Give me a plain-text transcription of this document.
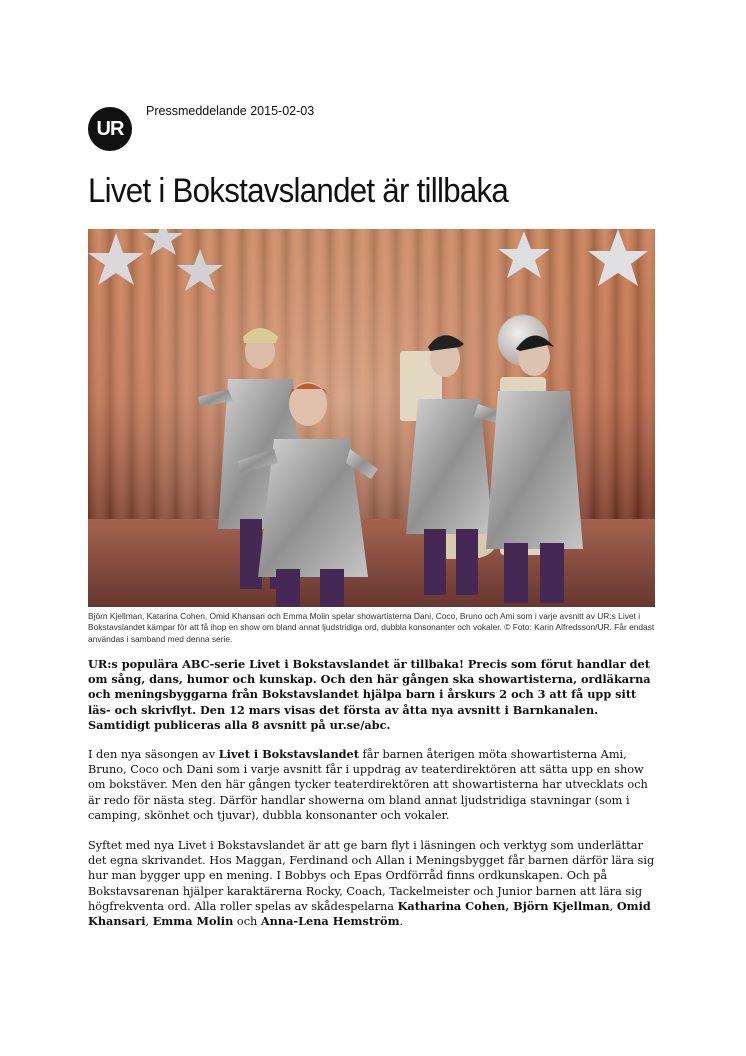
UR
Pressmeddelande 2015-02-03
Livet i Bokstavslandet är tillbaka
Björn Kjellman, Katarina Cohen, Omid Khansari och Emma Molin spelar showartisterna Dani, Coco, Bruno och Ami som i varje avsnitt av UR:s Livet i Bokstavslandet kämpar för att få ihop en show om bland annat ljudstridiga ord, dubbla konsonanter och vokaler. © Foto: Karin Alfredsson/UR. Får endast användas i samband med denna serie.

UR:s populära ABC-serie Livet i Bokstavslandet är tillbaka! Precis som förut handlar det om sång, dans, humor och kunskap. Och den här gången ska showartisterna, ordläkarna och meningsbyggarna från Bokstavslandet hjälpa barn i årskurs 2 och 3 att få upp sitt läs- och skrivflyt. Den 12 mars visas det första av åtta nya avsnitt i Barnkanalen. Samtidigt publiceras alla 8 avsnitt på ur.se/abc.

I den nya säsongen av Livet i Bokstavslandet får barnen återigen möta showartisterna Ami, Bruno, Coco och Dani som i varje avsnitt får i uppdrag av teaterdirektören att sätta upp en show om bokstäver. Men den här gången tycker teaterdirektören att showartisterna har utvecklats och är redo för nästa steg. Därför handlar showerna om bland annat ljudstridiga stavningar (som i camping, skönhet och tjuvar), dubbla konsonanter och vokaler.

Syftet med nya Livet i Bokstavslandet är att ge barn flyt i läsningen och verktyg som underlättar det egna skrivandet. Hos Maggan, Ferdinand och Allan i Meningsbygget får barnen därför lära sig hur man bygger upp en mening. I Bobbys och Epas Ordförråd finns ordkunskapen. Och på Bokstavsarenan hjälper karaktärerna Rocky, Coach, Tackelmeister och Junior barnen att lära sig högfrekventa ord. Alla roller spelas av skådespelarna Katharina Cohen, Björn Kjellman, Omid Khansari, Emma Molin och Anna-Lena Hemström.
